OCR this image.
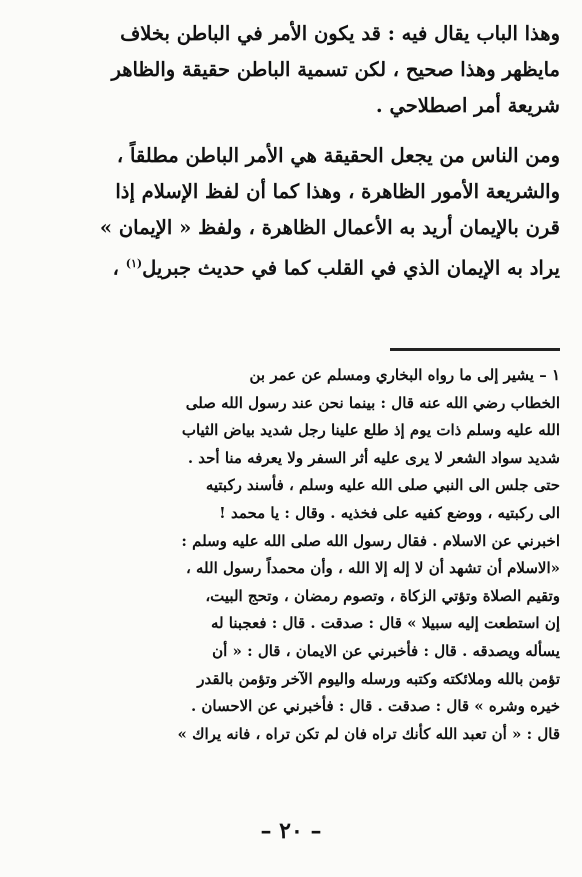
وهذا الباب يقال فيه : قد يكون الأمر في الباطن بخلاف

مايظهر وهذا صحيح ، لكن تسمية الباطن حقيقة والظاهر

شريعة أمر اصطلاحي .

ومن الناس من يجعل الحقيقة هي الأمر الباطن مطلقاً ،

والشريعة الأمور الظاهرة ، وهذا كما أن لفظ الإسلام إذا

قرن بالإيمان أريد به الأعمال الظاهرة ، ولفظ « الإيمان »

يراد به الإيمان الذي في القلب كما في حديث جبريل$^{(١)}$ ،

١ – يشير إلى ما رواه البخاري ومسلم عن عمر بن

الخطاب رضي الله عنه قال : بينما نحن عند رسول الله صلى

الله عليه وسلم ذات يوم إذ طلع علينا رجل شديد بياض الثياب

شديد سواد الشعر لا يرى عليه أثر السفر ولا يعرفه منا أحد .

حتى جلس الى النبي صلى الله عليه وسلم ، فأسند ركبتيه

الى ركبتيه ، ووضع كفيه على فخذيه . وقال : يا محمد !

اخبرني عن الاسلام . فقال رسول الله صلى الله عليه وسلم :

«الاسلام أن تشهد أن لا إله إلا الله ، وأن محمداً رسول الله ،

وتقيم الصلاة وتؤتي الزكاة ، وتصوم رمضان ، وتحج البيت،

إن استطعت إليه سبيلا » قال : صدقت . قال : فعجبنا له

يسأله ويصدقه . قال : فأخبرني عن الايمان ، قال : « أن

تؤمن بالله وملائكته وكتبه ورسله واليوم الآخر وتؤمن بالقدر

خيره وشره » قال : صدقت . قال : فأخبرني عن الاحسان .

قال : « أن تعبد الله كأنك تراه فان لم تكن تراه ، فانه يراك »

– ٢٠ –
